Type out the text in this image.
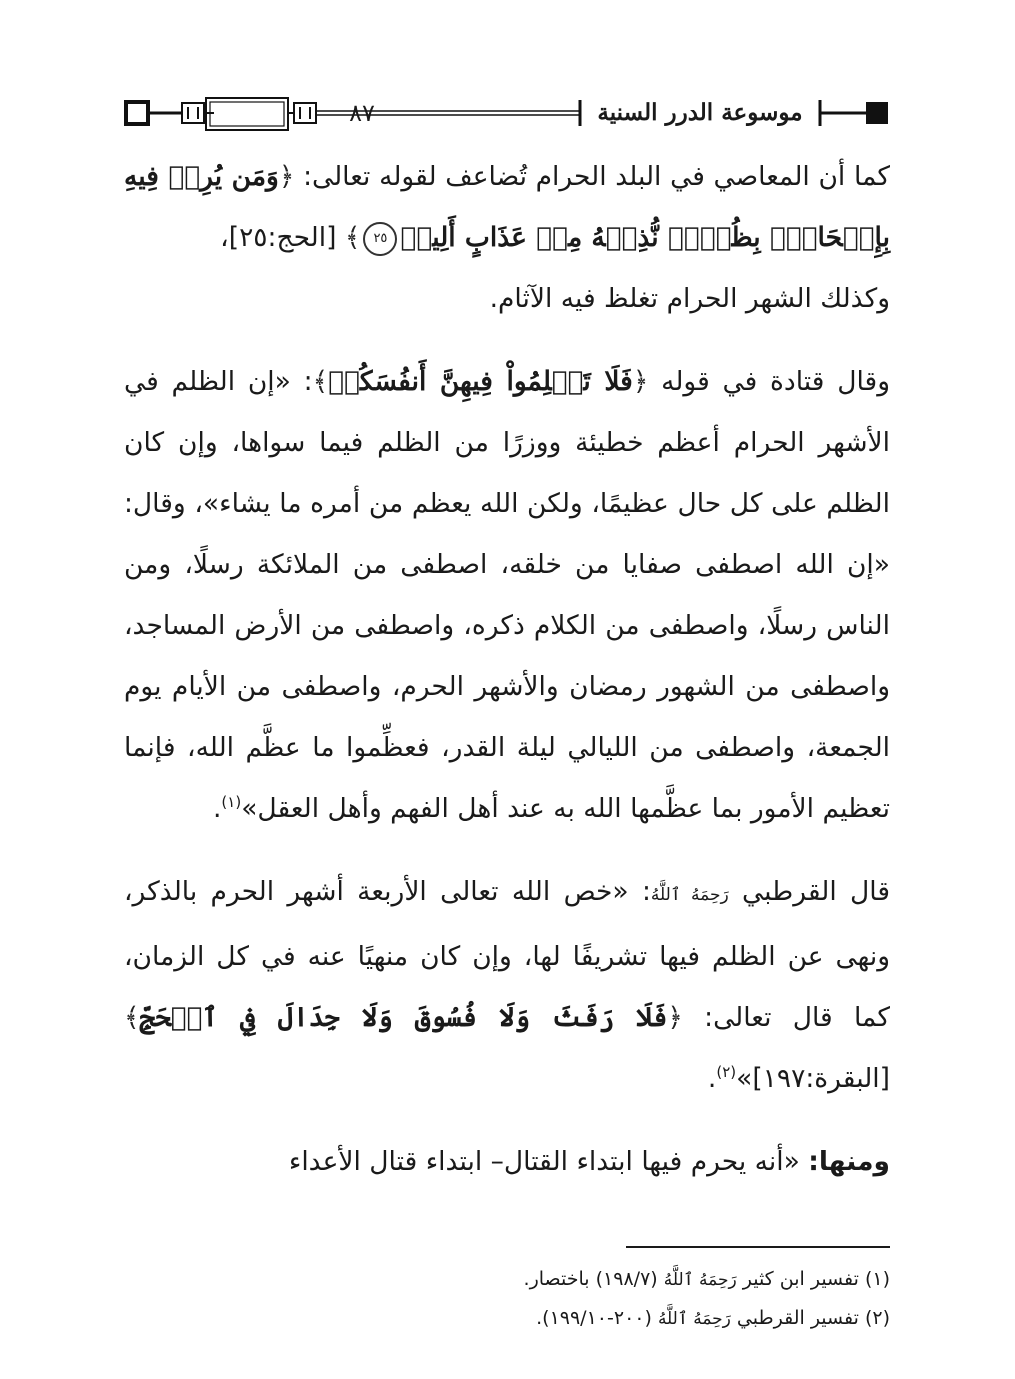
٨٧	موسوعة الدرر السنية

كما أن المعاصي في البلد الحرام تُضاعف لقوله تعالى: ﴿وَمَن يُرِدۡ فِيهِ بِإِلۡحَادِۭ بِظُلۡمٖ نُّذِقۡهُ مِنۡ عَذَابٍ أَلِيمٖ٢٥﴾ [الحج:٢٥]،
وكذلك الشهر الحرام تغلظ فيه الآثام.

وقال قتادة في قوله ﴿فَلَا تَظۡلِمُواْ فِيهِنَّ أَنفُسَكُمۡ﴾: «إن الظلم في الأشهر الحرام أعظم خطيئة ووزرًا من الظلم فيما سواها، وإن كان الظلم على كل حال عظيمًا، ولكن الله يعظم من أمره ما يشاء»، وقال: «إن الله اصطفى صفايا من خلقه، اصطفى من الملائكة رسلًا، ومن الناس رسلًا، واصطفى من الكلام ذكره، واصطفى من الأرض المساجد، واصطفى من الشهور رمضان والأشهر الحرم، واصطفى من الأيام يوم الجمعة، واصطفى من الليالي ليلة القدر، فعظِّموا ما عظَّم الله، فإنما تعظيم الأمور بما عظَّمها الله به عند أهل الفهم وأهل العقل»$^{(١)}$.

قال القرطبي رَحِمَهُ ٱللَّهُ: «خص الله تعالى الأربعة أشهر الحرم بالذكر، ونهى عن الظلم فيها تشريفًا لها، وإن كان منهيًا عنه في كل الزمان، كما قال تعالى: ﴿فَلَا رَفَثَ وَلَا فُسُوقَ وَلَا جِدَالَ فِي ٱلۡحَجِّ﴾ [البقرة:١٩٧]»$^{(٢)}$.

ومنها: «أنه يحرم فيها ابتداء القتال– ابتداء قتال الأعداء

(١) تفسير ابن كثير رَحِمَهُ ٱللَّهُ (١٩٨/٧) باختصار.
(٢) تفسير القرطبي رَحِمَهُ ٱللَّهُ (٢٠٠-١٩٩/١٠).
